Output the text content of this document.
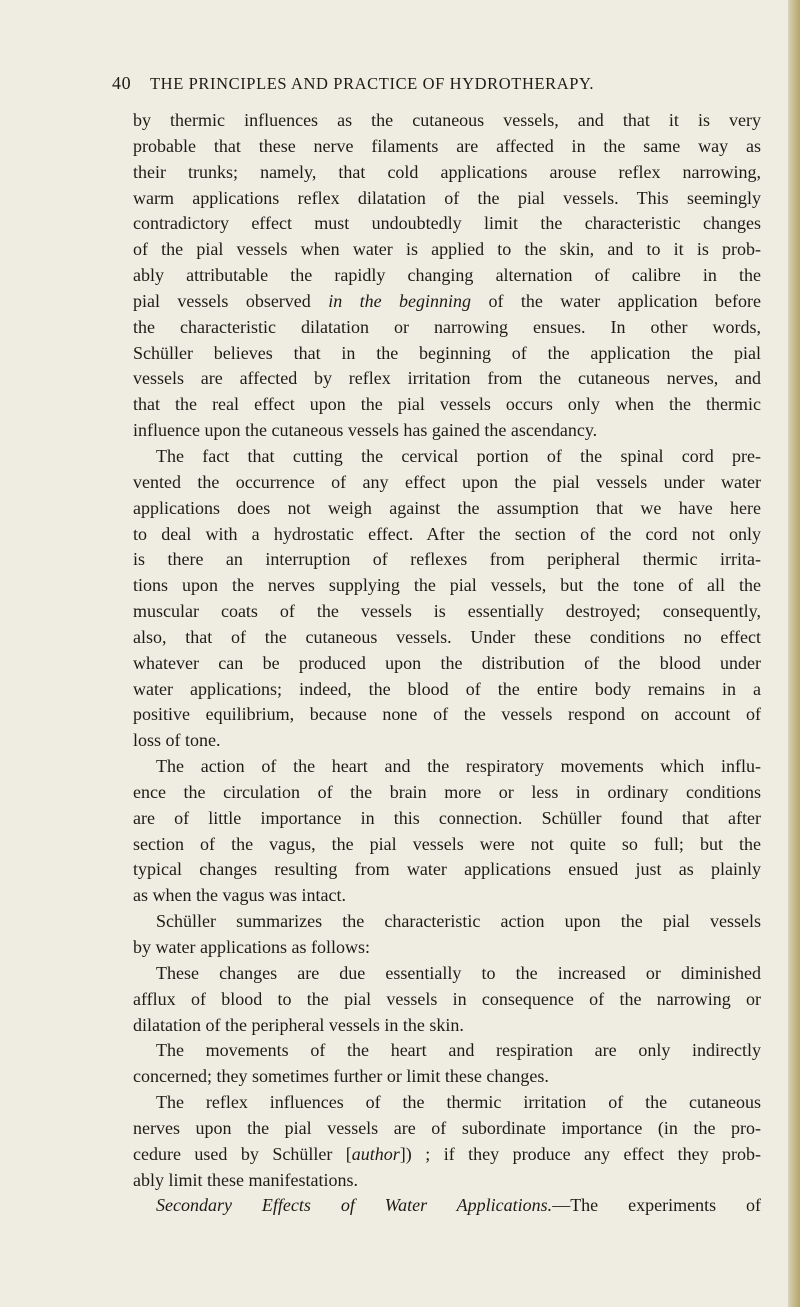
40 THE PRINCIPLES AND PRACTICE OF HYDROTHERAPY.

by thermic influences as the cutaneous vessels, and that it is very

probable that these nerve filaments are affected in the same way as

their trunks; namely, that cold applications arouse reflex narrowing,

warm applications reflex dilatation of the pial vessels. This seemingly

contradictory effect must undoubtedly limit the characteristic changes

of the pial vessels when water is applied to the skin, and to it is prob-

ably attributable the rapidly changing alternation of calibre in the

pial vessels observed in the beginning of the water application before

the characteristic dilatation or narrowing ensues. In other words,

Schüller believes that in the beginning of the application the pial

vessels are affected by reflex irritation from the cutaneous nerves, and

that the real effect upon the pial vessels occurs only when the thermic

influence upon the cutaneous vessels has gained the ascendancy.

The fact that cutting the cervical portion of the spinal cord pre-

vented the occurrence of any effect upon the pial vessels under water

applications does not weigh against the assumption that we have here

to deal with a hydrostatic effect. After the section of the cord not only

is there an interruption of reflexes from peripheral thermic irrita-

tions upon the nerves supplying the pial vessels, but the tone of all the

muscular coats of the vessels is essentially destroyed; consequently,

also, that of the cutaneous vessels. Under these conditions no effect

whatever can be produced upon the distribution of the blood under

water applications; indeed, the blood of the entire body remains in a

positive equilibrium, because none of the vessels respond on account of

loss of tone.

The action of the heart and the respiratory movements which influ-

ence the circulation of the brain more or less in ordinary conditions

are of little importance in this connection. Schüller found that after

section of the vagus, the pial vessels were not quite so full; but the

typical changes resulting from water applications ensued just as plainly

as when the vagus was intact.

Schüller summarizes the characteristic action upon the pial vessels

by water applications as follows:

These changes are due essentially to the increased or diminished

afflux of blood to the pial vessels in consequence of the narrowing or

dilatation of the peripheral vessels in the skin.

The movements of the heart and respiration are only indirectly

concerned; they sometimes further or limit these changes.

The reflex influences of the thermic irritation of the cutaneous

nerves upon the pial vessels are of subordinate importance (in the pro-

cedure used by Schüller [author]) ; if they produce any effect they prob-

ably limit these manifestations.

Secondary Effects of Water Applications.—The experiments of
